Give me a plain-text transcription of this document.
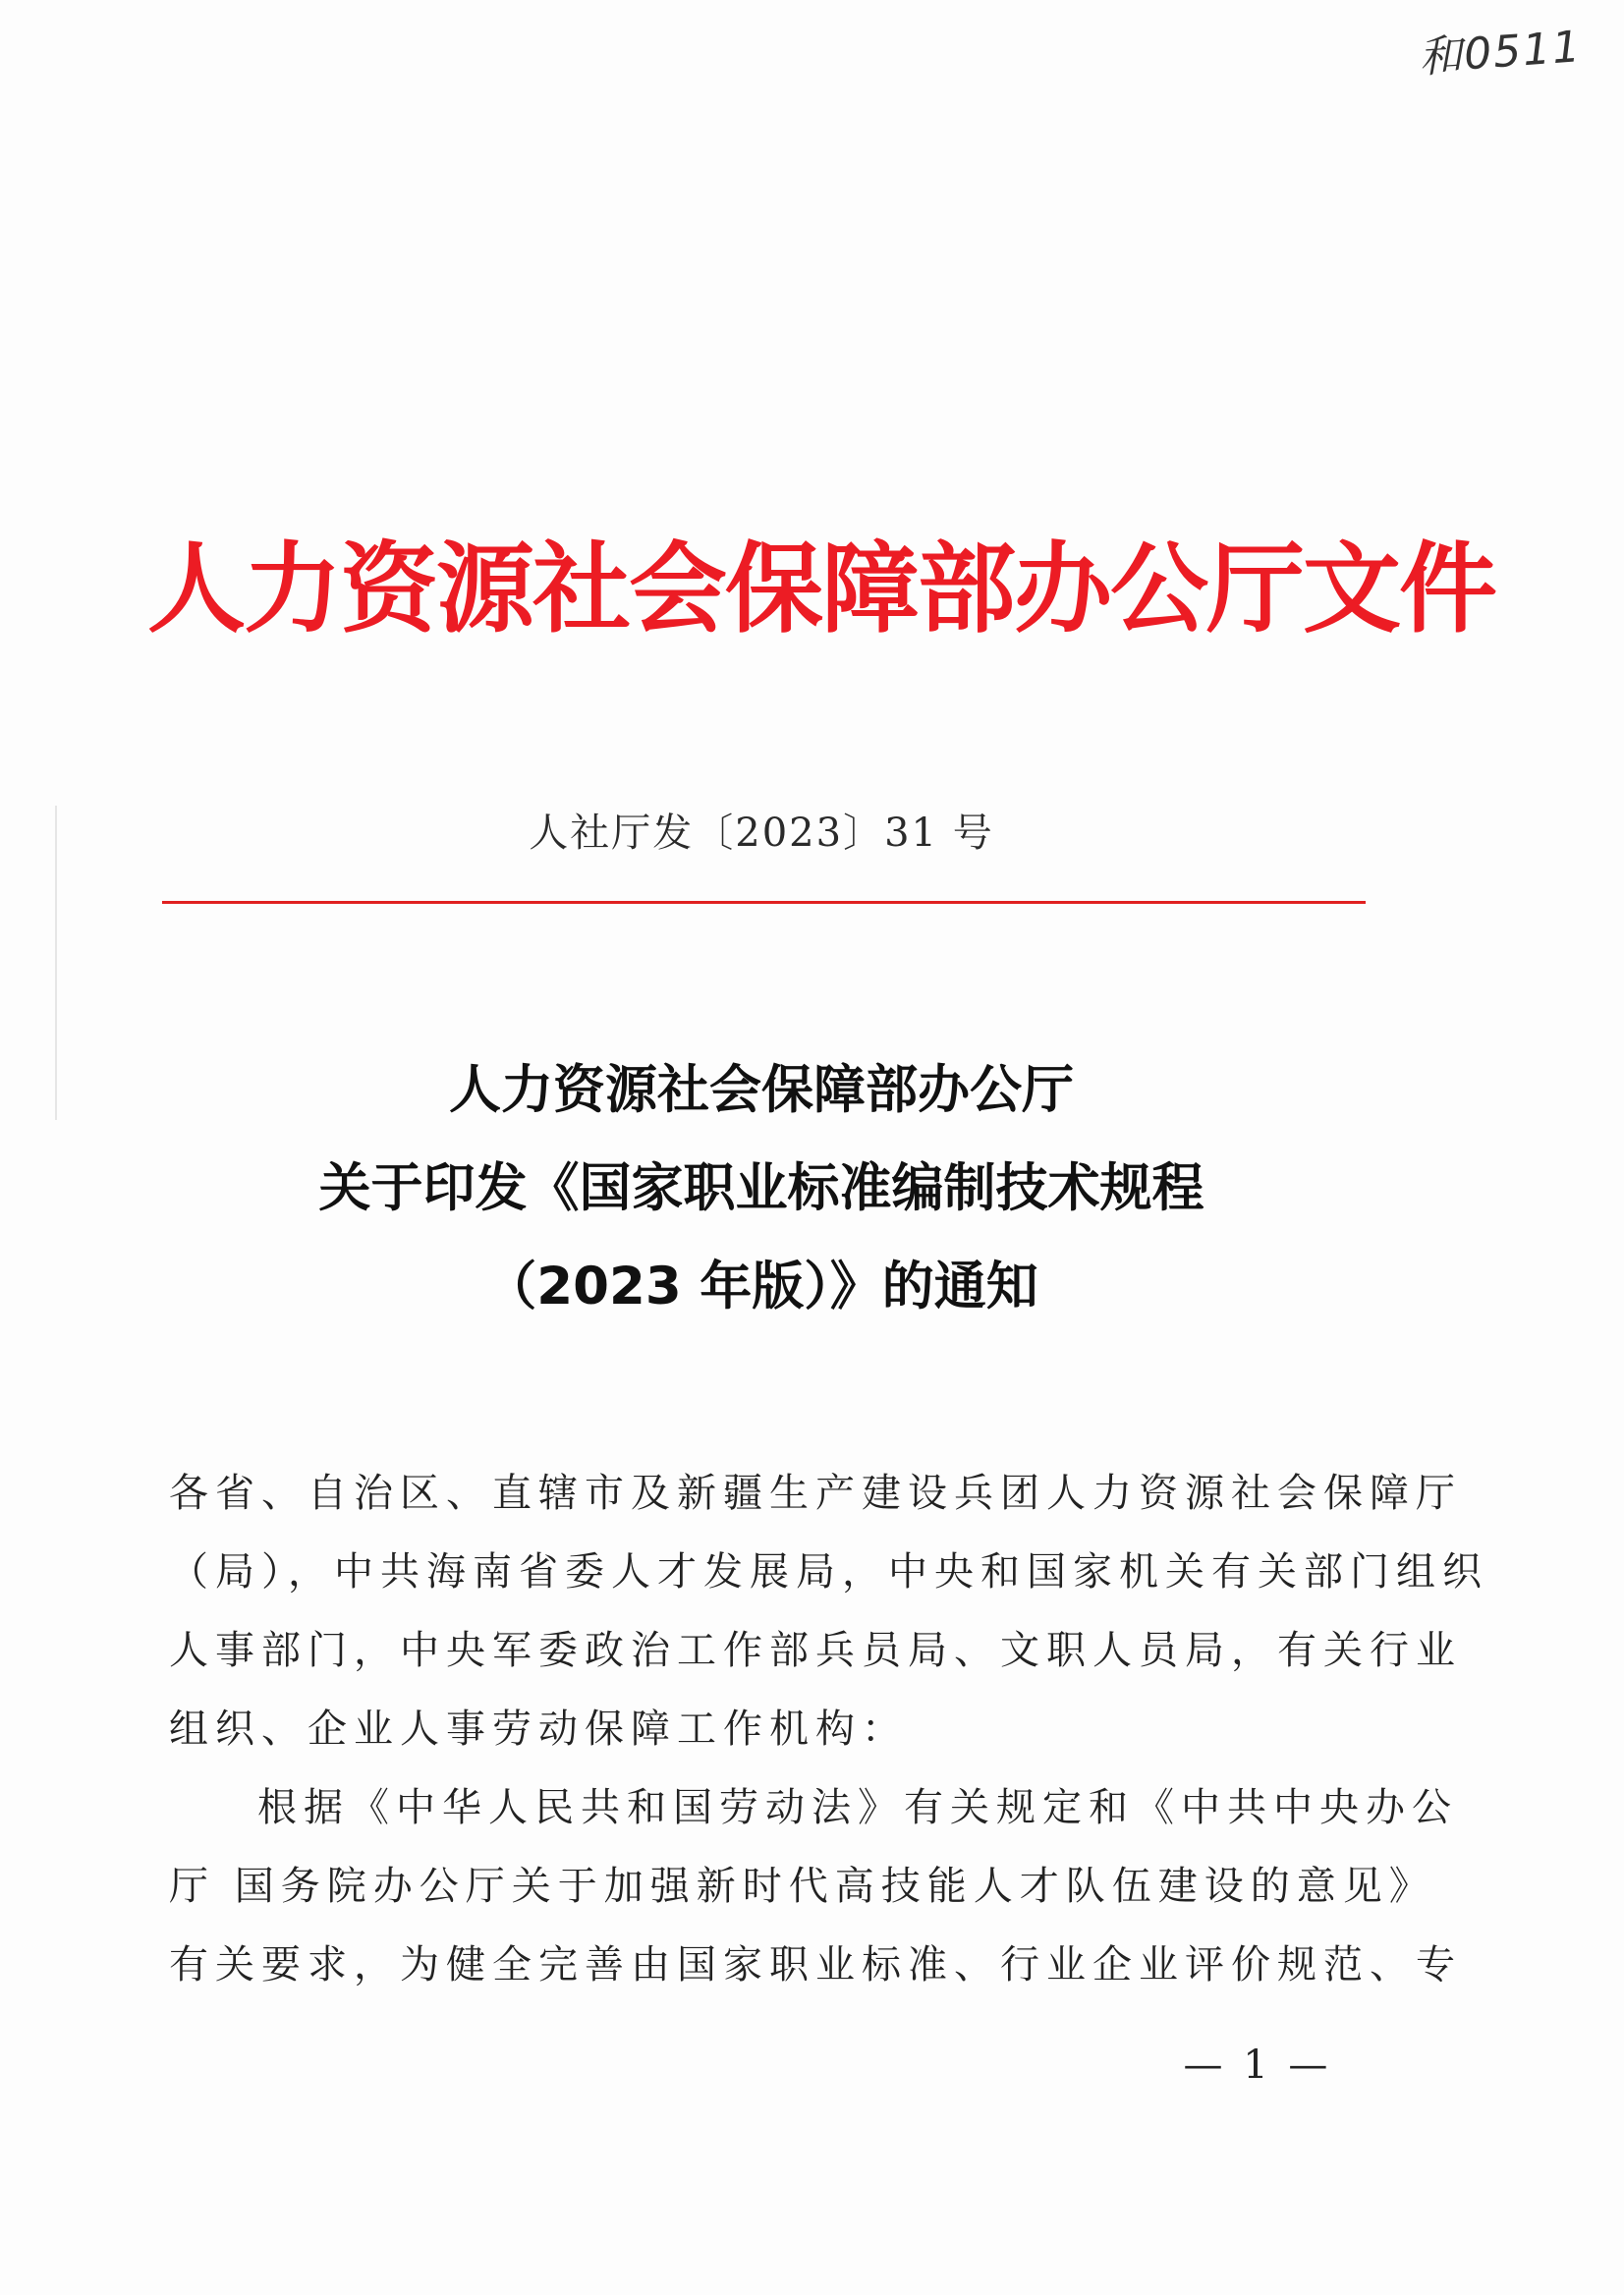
和0511
人力资源社会保障部办公厅文件
人社厅发〔2023〕31 号
人力资源社会保障部办公厅
关于印发《国家职业标准编制技术规程
（2023 年版）》的通知
各省、自治区、直辖市及新疆生产建设兵团人力资源社会保障厅
（局），中共海南省委人才发展局，中央和国家机关有关部门组织
人事部门，中央军委政治工作部兵员局、文职人员局，有关行业
组织、企业人事劳动保障工作机构：
根据《中华人民共和国劳动法》有关规定和《中共中央办公
厅 国务院办公厅关于加强新时代高技能人才队伍建设的意见》
有关要求，为健全完善由国家职业标准、行业企业评价规范、专
— 1 —
